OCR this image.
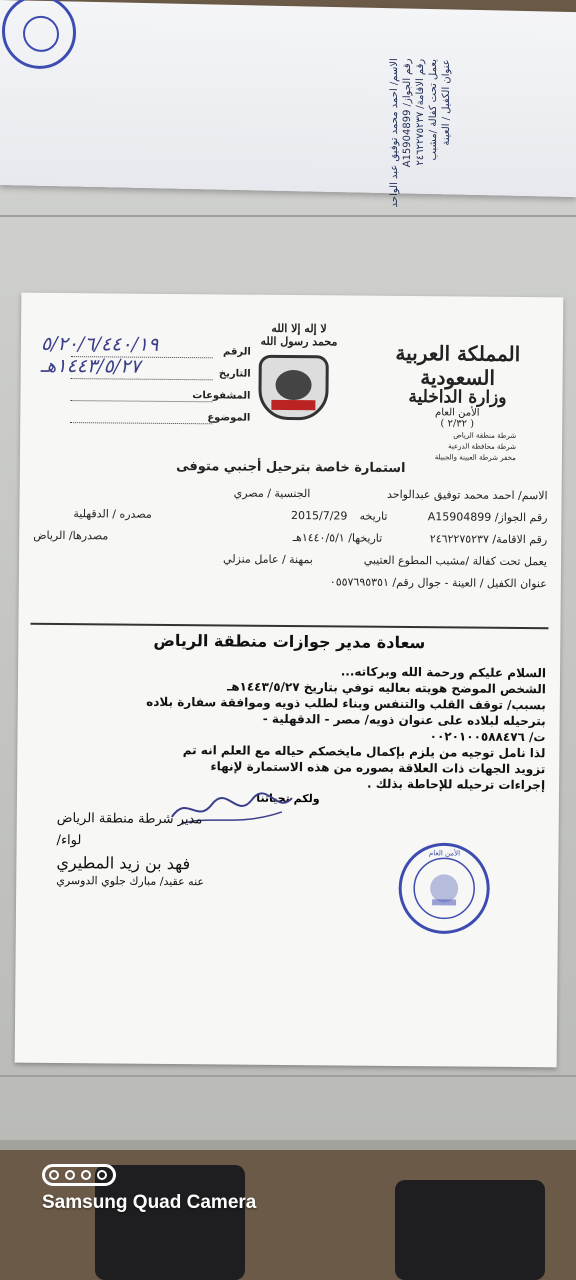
الاسم/ احمد محمد توفيق عبد الواحد رقم الجواز/ A15904899
رقم الاقامة/ ٢٤٦٢٢٧٥٢٣٧ يعمل تحت كفالة /مشبب عنوان الكفيل / العينة
لا إله إلا الله محمد رسول الله	المملكة العربية السعودية
وزارة الداخلية
الأمن العام
( ٢/٣٢ )
شرطة منطقة الرياض
شرطة محافظة الدرعية
مخفر شرطة العيينة والجبيلة
الرقم
٥/٢٠/٦/٤٤٠/١٩
التاريخ
١٤٤٣/٥/٢٧هـ
المشفوعات
الموضوع
استمارة خاصة بترحيل أجنبي متوفى
الاسم/ احمد محمد توفيق عبدالواحد
الجنسية / مصري
رقم الجواز/ A15904899
تاريخه
2015/7/29
مصدره / الدقهلية
رقم الاقامة/ ٢٤٦٢٢٧٥٢٣٧
تاريخها/ ١٤٤٠/٥/١هـ
مصدرها/ الرياض
يعمل تحت كفالة /مشبب المطوع العتيبي
بمهنة / عامل منزلي
عنوان الكفيل / العينة - جوال رقم/ ٠٥٥٧٦٩٥٣٥١
سعادة مدير جوازات منطقة الرياض

السلام عليكم ورحمة الله وبركاته...

الشخص الموضح هويته بعاليه توفي بتاريخ ١٤٤٣/٥/٢٧هـ

بسبب/ توقف القلب والتنفس وبناء لطلب ذويه وموافقة سفارة بلاده

بترحيله لبلاده على عنوان ذويه/ مصر - الدقهلية -

ت/ ٠٠٢٠١٠٠٥٨٨٤٧٦

لذا نامل توجيه من يلزم بإكمال مايخصكم حياله مع العلم انه تم

تزويد الجهات ذات العلاقة بصوره من هذه الاستمارة لإنهاء

إجراءات ترحيله للإحاطة بذلك .

ولكم تحياتنا
مدير شرطة منطقة الرياض
لواء/
فهد بن زيد المطيري
عنه عقيد/ مبارك جلوي الدوسري
الأمن العام
Samsung Quad Camera
